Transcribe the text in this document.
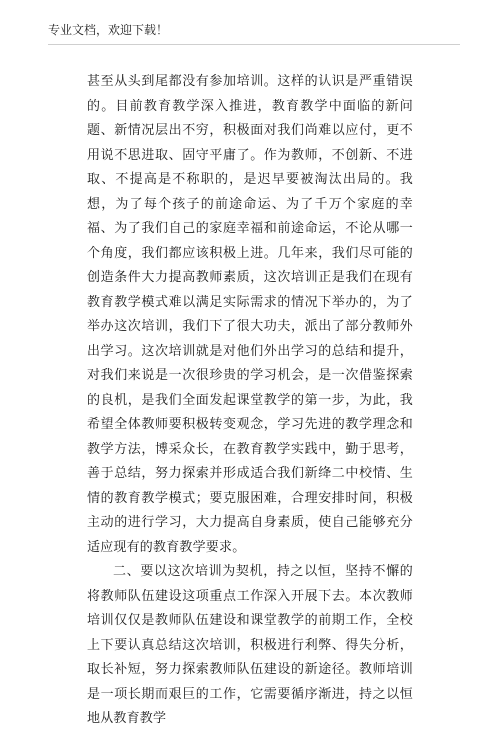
专业文档，欢迎下载！

甚至从头到尾都没有参加培训。这样的认识是严重错误的。目前教育教学深入推进，教育教学中面临的新问题、新情况层出不穷，积极面对我们尚难以应付，更不用说不思进取、固守平庸了。作为教师，不创新、不进取、不提高是不称职的，是迟早要被淘汰出局的。我想，为了每个孩子的前途命运、为了千万个家庭的幸福、为了我们自己的家庭幸福和前途命运，不论从哪一个角度，我们都应该积极上进。几年来，我们尽可能的创造条件大力提高教师素质，这次培训正是我们在现有教育教学模式难以满足实际需求的情况下举办的，为了举办这次培训，我们下了很大功夫，派出了部分教师外出学习。这次培训就是对他们外出学习的总结和提升，对我们来说是一次很珍贵的学习机会，是一次借鉴探索的良机，是我们全面发起课堂教学的第一步，为此，我希望全体教师要积极转变观念，学习先进的教学理念和教学方法，博采众长，在教育教学实践中，勤于思考，善于总结，努力探索并形成适合我们新绛二中校情、生情的教育教学模式；要克服困难，合理安排时间，积极主动的进行学习，大力提高自身素质，使自己能够充分适应现有的教育教学要求。

二、要以这次培训为契机，持之以恒，坚持不懈的将教师队伍建设这项重点工作深入开展下去。本次教师培训仅仅是教师队伍建设和课堂教学的前期工作，全校上下要认真总结这次培训，积极进行利弊、得失分析，取长补短，努力探索教师队伍建设的新途径。教师培训是一项长期而艰巨的工作，它需要循序渐进，持之以恒地从教育教学
